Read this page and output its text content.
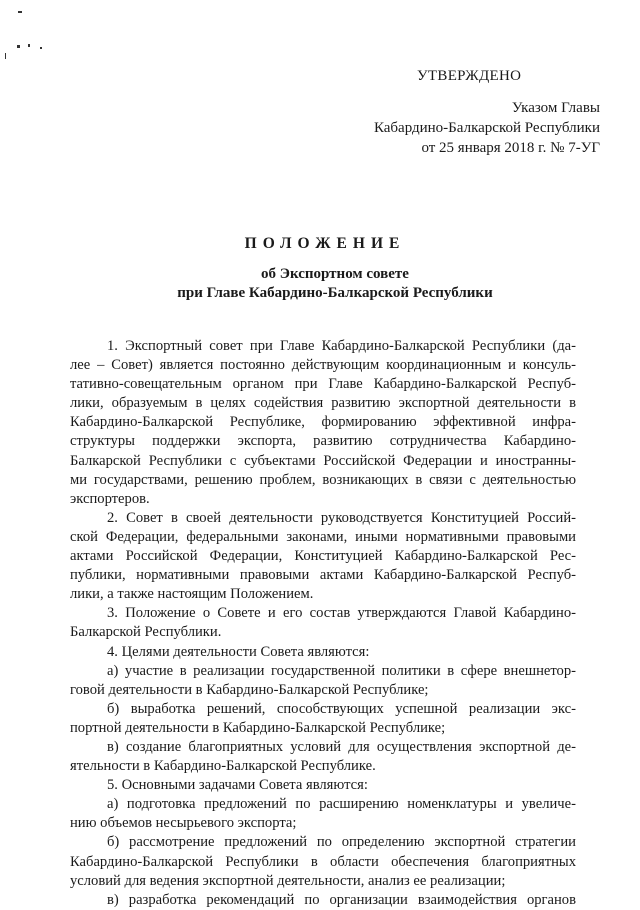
УТВЕРЖДЕНО
Указом Главы
Кабардино-Балкарской Республики
от 25 января 2018 г. № 7-УГ
ПОЛОЖЕНИЕ
об Экспортном совете
при Главе Кабардино-Балкарской Республики
1. Экспортный совет при Главе Кабардино-Балкарской Республики (да-
лее – Совет) является постоянно действующим координационным и консуль-
тативно-совещательным органом при Главе Кабардино-Балкарской Респуб-
лики, образуемым в целях содействия развитию экспортной деятельности в
Кабардино-Балкарской Республике, формированию эффективной инфра-
структуры поддержки экспорта, развитию сотрудничества Кабардино-
Балкарской Республики с субъектами Российской Федерации и иностранны-
ми государствами, решению проблем, возникающих в связи с деятельностью
экспортеров.
2. Совет в своей деятельности руководствуется Конституцией Россий-
ской Федерации, федеральными законами, иными нормативными правовыми
актами Российской Федерации, Конституцией Кабардино-Балкарской Рес-
публики, нормативными правовыми актами Кабардино-Балкарской Респуб-
лики, а также настоящим Положением.
3. Положение о Совете и его состав утверждаются Главой Кабардино-
Балкарской Республики.
4. Целями деятельности Совета являются:
а) участие в реализации государственной политики в сфере внешнетор-
говой деятельности в Кабардино-Балкарской Республике;
б) выработка решений, способствующих успешной реализации экс-
портной деятельности в Кабардино-Балкарской Республике;
в) создание благоприятных условий для осуществления экспортной де-
ятельности в Кабардино-Балкарской Республике.
5. Основными задачами Совета являются:
а) подготовка предложений по расширению номенклатуры и увеличе-
нию объемов несырьевого экспорта;
б) рассмотрение предложений по определению экспортной стратегии
Кабардино-Балкарской Республики в области обеспечения благоприятных
условий для ведения экспортной деятельности, анализ ее реализации;
в) разработка рекомендаций по организации взаимодействия органов
